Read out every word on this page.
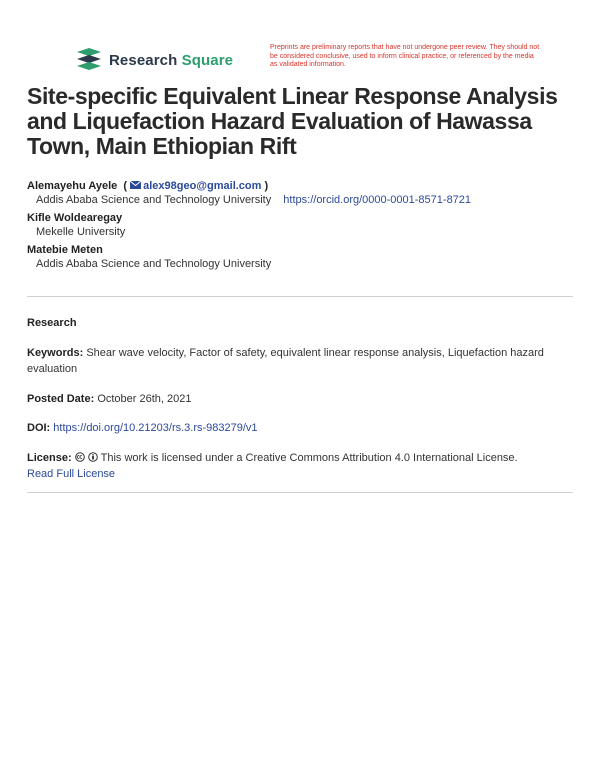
Research Square

Preprints are preliminary reports that have not undergone peer review. They should not be considered conclusive, used to inform clinical practice, or referenced by the media as validated information.

Site-specific Equivalent Linear Response Analysis and Liquefaction Hazard Evaluation of Hawassa Town, Main Ethiopian Rift
Alemayehu Ayele ( alex98geo@gmail.com )
Addis Ababa Science and Technology University https://orcid.org/0000-0001-8571-8721
Kifle Woldearegay
Mekelle University
Matebie Meten
Addis Ababa Science and Technology University

Research

Keywords: Shear wave velocity, Factor of safety, equivalent linear response analysis, Liquefaction hazard evaluation

Posted Date: October 26th, 2021

DOI: https://doi.org/10.21203/rs.3.rs-983279/v1

License:	This work is licensed under a Creative Commons Attribution 4.0 International License.
Read Full License
